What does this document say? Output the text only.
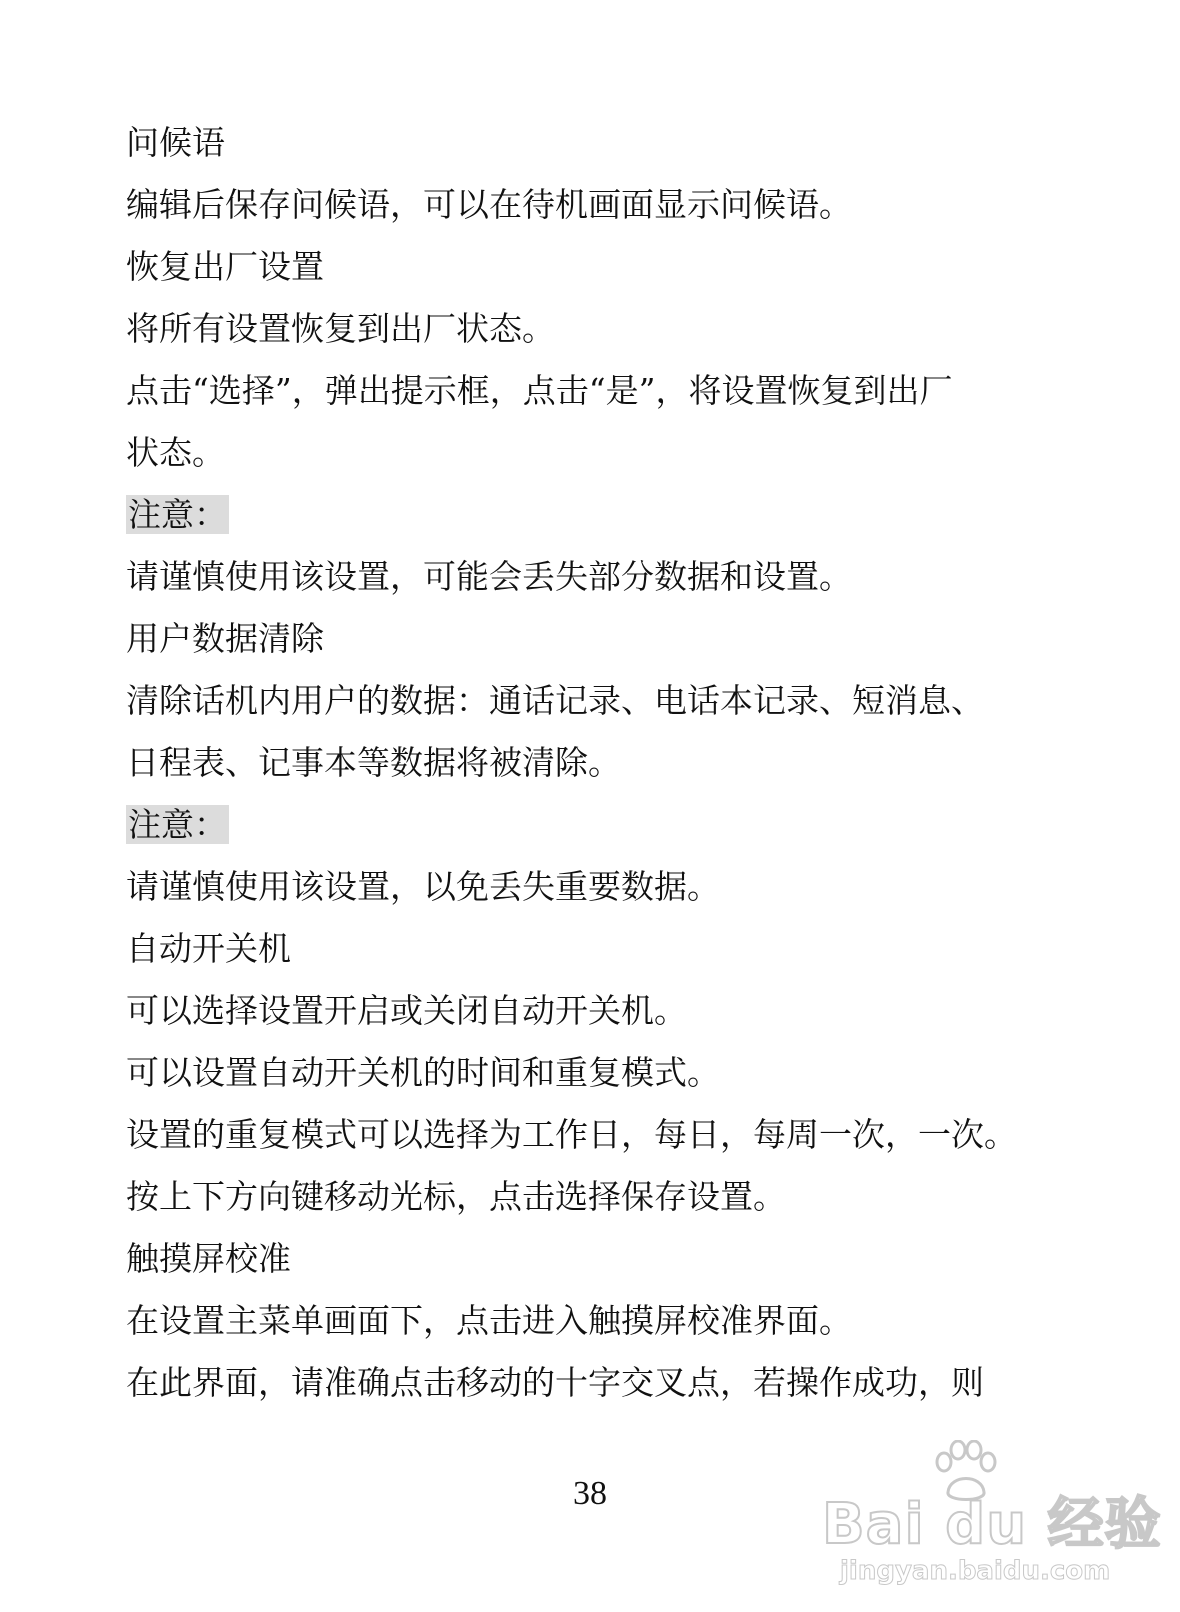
问候语
编辑后保存问候语，可以在待机画面显示问候语。
恢复出厂设置
将所有设置恢复到出厂状态。
点击“选择”，弹出提示框，点击“是”，将设置恢复到出厂
状态。
注意：
请谨慎使用该设置，可能会丢失部分数据和设置。
用户数据清除
清除话机内用户的数据：通话记录、电话本记录、短消息、
日程表、记事本等数据将被清除。
注意：
请谨慎使用该设置，以免丢失重要数据。
自动开关机
可以选择设置开启或关闭自动开关机。
可以设置自动开关机的时间和重复模式。
设置的重复模式可以选择为工作日，每日，每周一次，一次。
按上下方向键移动光标，点击选择保存设置。
触摸屏校准
在设置主菜单画面下，点击进入触摸屏校准界面。
在此界面，请准确点击移动的十字交叉点，若操作成功，则
38	Bai du 经验
jingyan.baidu.com
